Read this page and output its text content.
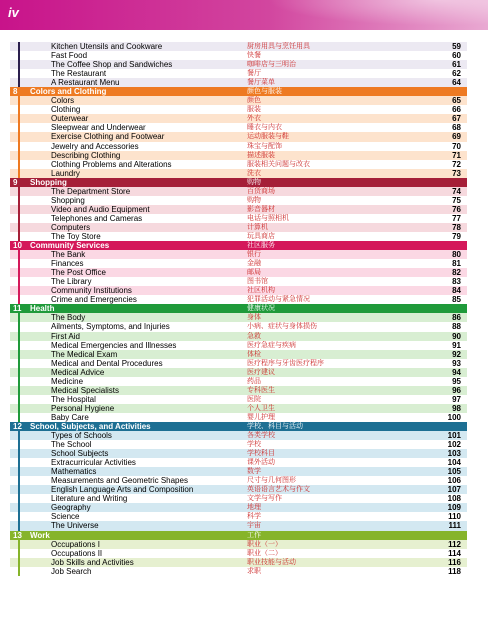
iv
Kitchen Utensils and Cookware	厨房用具与烹饪用具	59
Fast Food	快餐	60
The Coffee Shop and Sandwiches	咖啡店与三明治	61
The Restaurant	餐厅	62
A Restaurant Menu	餐厅菜单	64
8 Colors and Clothing	颜色与服装
Colors	颜色	65
Clothing	服装	66
Outerwear	外衣	67
Sleepwear and Underwear	睡衣与内衣	68
Exercise Clothing and Footwear	运动服装与鞋	69
Jewelry and Accessories	珠宝与配饰	70
Describing Clothing	描述服装	71
Clothing Problems and Alterations	服装相关问题与改衣	72
Laundry	洗衣	73
9 Shopping	购物
The Department Store	百货商场	74
Shopping	购物	75
Video and Audio Equipment	影音器材	76
Telephones and Cameras	电话与照相机	77
Computers	计算机	78
The Toy Store	玩具商店	79
10 Community Services	社区服务
The Bank	银行	80
Finances	金融	81
The Post Office	邮局	82
The Library	图书馆	83
Community Institutions	社区机构	84
Crime and Emergencies	犯罪活动与紧急情况	85
11 Health	健康状况
The Body	身体	86
Ailments, Symptoms, and Injuries	小病、症状与身体损伤	88
First Aid	急救	90
Medical Emergencies and Illnesses	医疗急症与疾病	91
The Medical Exam	体检	92
Medical and Dental Procedures	医疗程序与牙齿医疗程序	93
Medical Advice	医疗建议	94
Medicine	药品	95
Medical Specialists	专科医生	96
The Hospital	医院	97
Personal Hygiene	个人卫生	98
Baby Care	婴儿护理	100
12 School, Subjects, and Activities	学校、科目与活动
Types of Schools	各类学校	101
The School	学校	102
School Subjects	学校科目	103
Extracurricular Activities	课外活动	104
Mathematics	数学	105
Measurements and Geometric Shapes	尺寸与几何图形	106
English Language Arts and Composition	英语语言艺术与作文	107
Literature and Writing	文学与写作	108
Geography	地理	109
Science	科学	110
The Universe	宇宙	111
13 Work	工作
Occupations I	职业（一）	112
Occupations II	职业（二）	114
Job Skills and Activities	职业技能与活动	116
Job Search	求职	118
